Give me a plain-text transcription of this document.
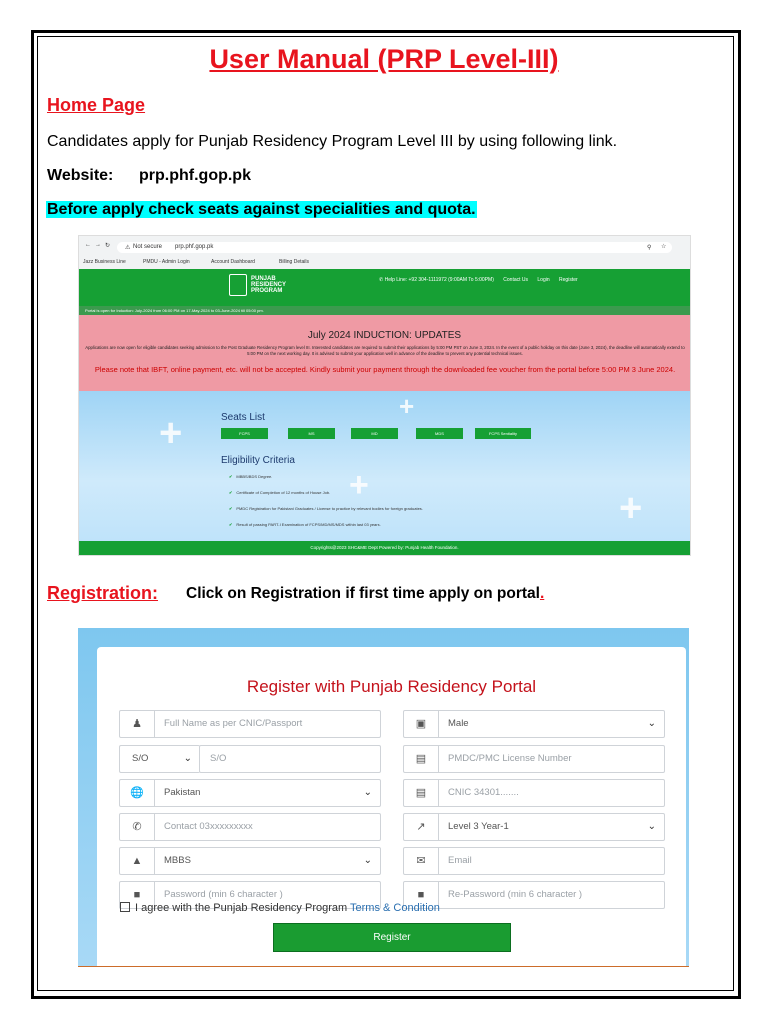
User Manual (PRP Level-III)
Home Page
Candidates apply for Punjab Residency Program Level III by using following link.
Website: prp.phf.gop.pk
Before apply check seats against specialities and quota.
← → ↻ ⚠ Not secure prp.phf.gop.pk	⚲ ☆
Jazz Business Line	PMDU - Admin Login	Account Dashboard	Billing Details
PUNJAB
RESIDENCY
PROGRAM
✆ Help Line: +92 304-1111972 (9:00AM To 5:00PM) Contact Us Login Register
Portal is open for Induction: July-2024 from 06:00 PM on 17-May-2024 to 03-June-2024 till 05:00 pm.
July 2024 INDUCTION: UPDATES
Applications are now open for eligible candidates seeking admission to the Post Graduate Residency Program level III. Interested candidates are required to submit their applications by 5:00 PM PST on June 3, 2024. In the event of a public holiday on this date (June 3, 2024), the deadline will automatically extend to 5:00 PM on the next working day. It is advised to submit your application well in advance of the deadline to prevent any potential technical issues.
Please note that IBFT, online payment, etc. will not be accepted. Kindly submit your payment through the downloaded fee voucher from the portal before 5:00 PM 3 June 2024.
+
+
+
+
Seats List
FCPS	MS	MD	MDS	FCPS Sentiality
Eligibility Criteria
✔ MBBS/BDS Degree.
✔ Certificate of Completion of 12 months of House Job.
✔ PMDC Registration for Pakistani Graduates / License to practice by relevant bodies for foreign graduates.
✔ Result of passing PART-I Examination of FCPS/MD/MS/MDS within last 03 years.
Copyrights@2023 SHC&ME Dept Powered by: Punjab Health Foundation.
Registration: Click on Registration if first time apply on portal.
Register with Punjab Residency Portal
♟	Full Name as per CNIC/Passport	▣	Male	⌄
S/O	⌄ S/O	▤	PMDC/PMC License Number
🌐	Pakistan	⌄	▤	CNIC 34301.......
✆	Contact 03xxxxxxxxx	↗	Level 3 Year-1	⌄
▲	MBBS	⌄	✉	Email
■	Password (min 6 character )	■	Re-Password (min 6 character )
I agree with the Punjab Residency Program Terms & Condition
Register
